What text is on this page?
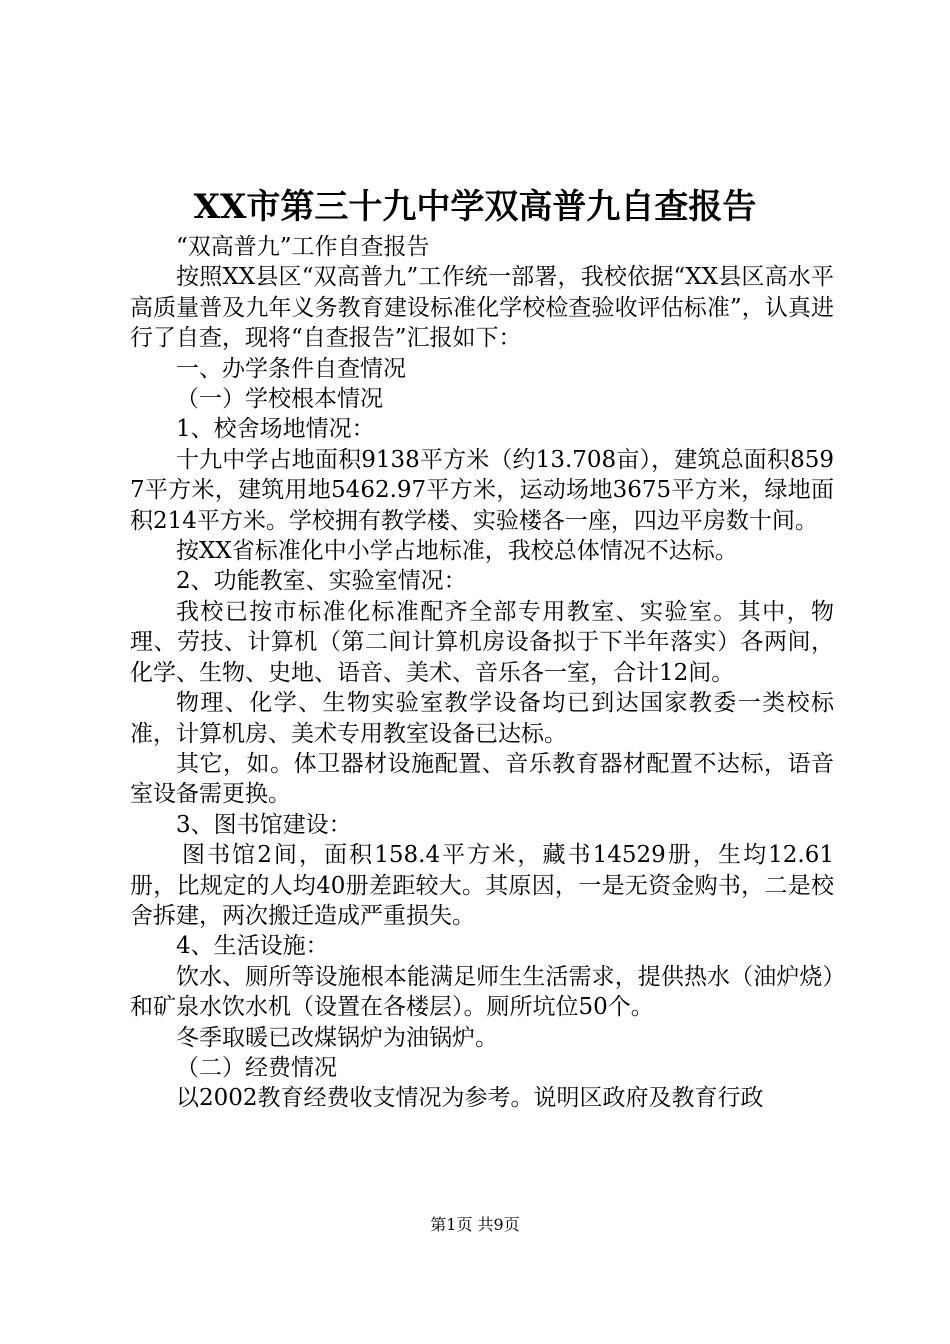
XX市第三十九中学双高普九自查报告

“双高普九”工作自查报告

按照XX县区“双高普九”工作统一部署，我校依据“XX县区高水平高质量普及九年义务教育建设标准化学校检查验收评估标准”，认真进行了自查，现将“自查报告”汇报如下：

一、办学条件自查情况

（一）学校根本情况

1、校舍场地情况：

十九中学占地面积9138平方米（约13.708亩），建筑总面积8597平方米，建筑用地5462.97平方米，运动场地3675平方米，绿地面积214平方米。学校拥有教学楼、实验楼各一座，四边平房数十间。

按XX省标准化中小学占地标准，我校总体情况不达标。

2、功能教室、实验室情况：

我校已按市标准化标准配齐全部专用教室、实验室。其中，物理、劳技、计算机（第二间计算机房设备拟于下半年落实）各两间，化学、生物、史地、语音、美术、音乐各一室，合计12间。

物理、化学、生物实验室教学设备均已到达国家教委一类校标准，计算机房、美术专用教室设备已达标。

其它，如。体卫器材设施配置、音乐教育器材配置不达标，语音室设备需更换。

3、图书馆建设：

图书馆2间，面积158.4平方米，藏书14529册，生均12.61册，比规定的人均40册差距较大。其原因，一是无资金购书，二是校舍拆建，两次搬迁造成严重损失。

4、生活设施：

饮水、厕所等设施根本能满足师生生活需求，提供热水（油炉烧）和矿泉水饮水机（设置在各楼层）。厕所坑位50个。

冬季取暖已改煤锅炉为油锅炉。

（二）经费情况

以2002教育经费收支情况为参考。说明区政府及教育行政

第1页 共9页
